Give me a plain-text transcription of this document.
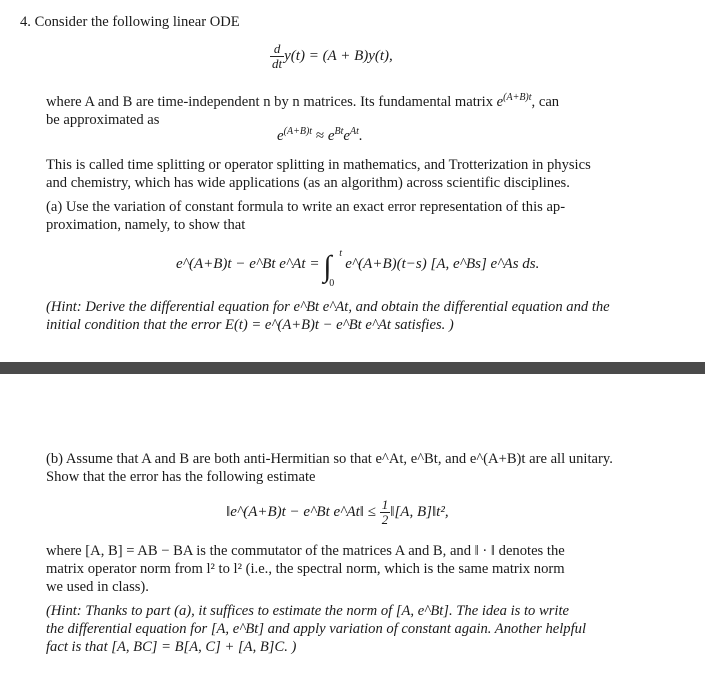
4. Consider the following linear ODE
$\frac{d}{dt} y(t) = (A + B)y(t)$,
where A and B are time-independent n by n matrices. Its fundamental matrix $e^{(A+B)t}$, can
be approximated as
$e^{(A+B)t} \approx e^{Bt}e^{At}$.
This is called time splitting or operator splitting in mathematics, and Trotterization in physics
and chemistry, which has wide applications (as an algorithm) across scientific disciplines.
(a) Use the variation of constant formula to write an exact error representation of this ap-
proximation, namely, to show that
e^(A+B)t − e^Bt e^At = ∫ t
0
e^(A+B)(t−s) [A, e^Bs] e^As ds.
(Hint: Derive the differential equation for e^Bt e^At, and obtain the differential equation and the
initial condition that the error E(t) = e^(A+B)t − e^Bt e^At satisfies. )
(b) Assume that A and B are both anti-Hermitian so that e^At, e^Bt, and e^(A+B)t are all unitary.
Show that the error has the following estimate
‖e^(A+B)t − e^Bt e^At‖ ≤ $\frac{1}{2}$ ‖[A, B]‖t²,
where [A, B] = AB − BA is the commutator of the matrices A and B, and ‖ · ‖ denotes the
matrix operator norm from l² to l² (i.e., the spectral norm, which is the same matrix norm
we used in class).
(Hint: Thanks to part (a), it suffices to estimate the norm of [A, e^Bt]. The idea is to write
the differential equation for [A, e^Bt] and apply variation of constant again. Another helpful
fact is that [A, BC] = B[A, C] + [A, B]C. )
